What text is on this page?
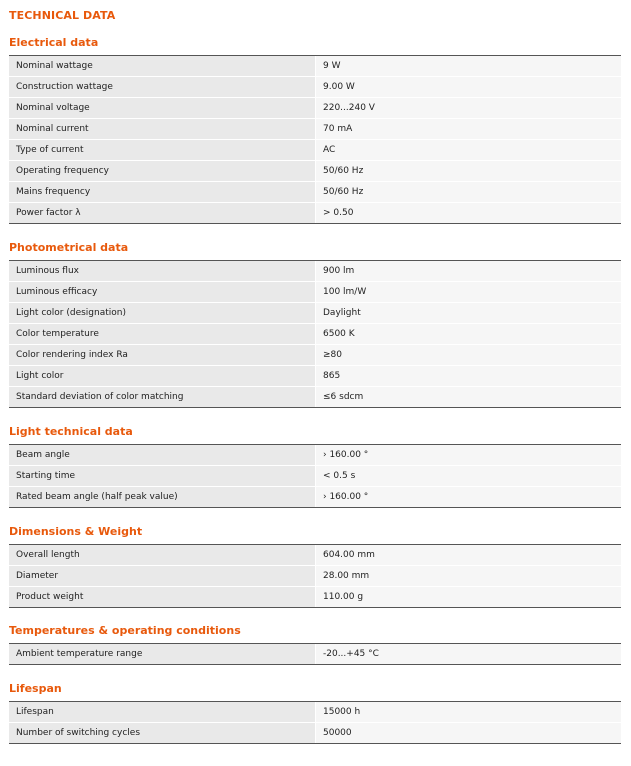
TECHNICAL DATA
Electrical data
Nominal wattage	9 W
Construction wattage	9.00 W
Nominal voltage	220...240 V
Nominal current	70 mA
Type of current	AC
Operating frequency	50/60 Hz
Mains frequency	50/60 Hz
Power factor λ	> 0.50
Photometrical data
Luminous flux	900 lm
Luminous efficacy	100 lm/W
Light color (designation)	Daylight
Color temperature	6500 K
Color rendering index Ra	≥80
Light color	865
Standard deviation of color matching	≤6 sdcm
Light technical data
Beam angle	› 160.00 °
Starting time	< 0.5 s
Rated beam angle (half peak value)	› 160.00 °
Dimensions & Weight
Overall length	604.00 mm
Diameter	28.00 mm
Product weight	110.00 g
Temperatures & operating conditions
Ambient temperature range	-20...+45 °C
Lifespan
Lifespan	15000 h
Number of switching cycles	50000
